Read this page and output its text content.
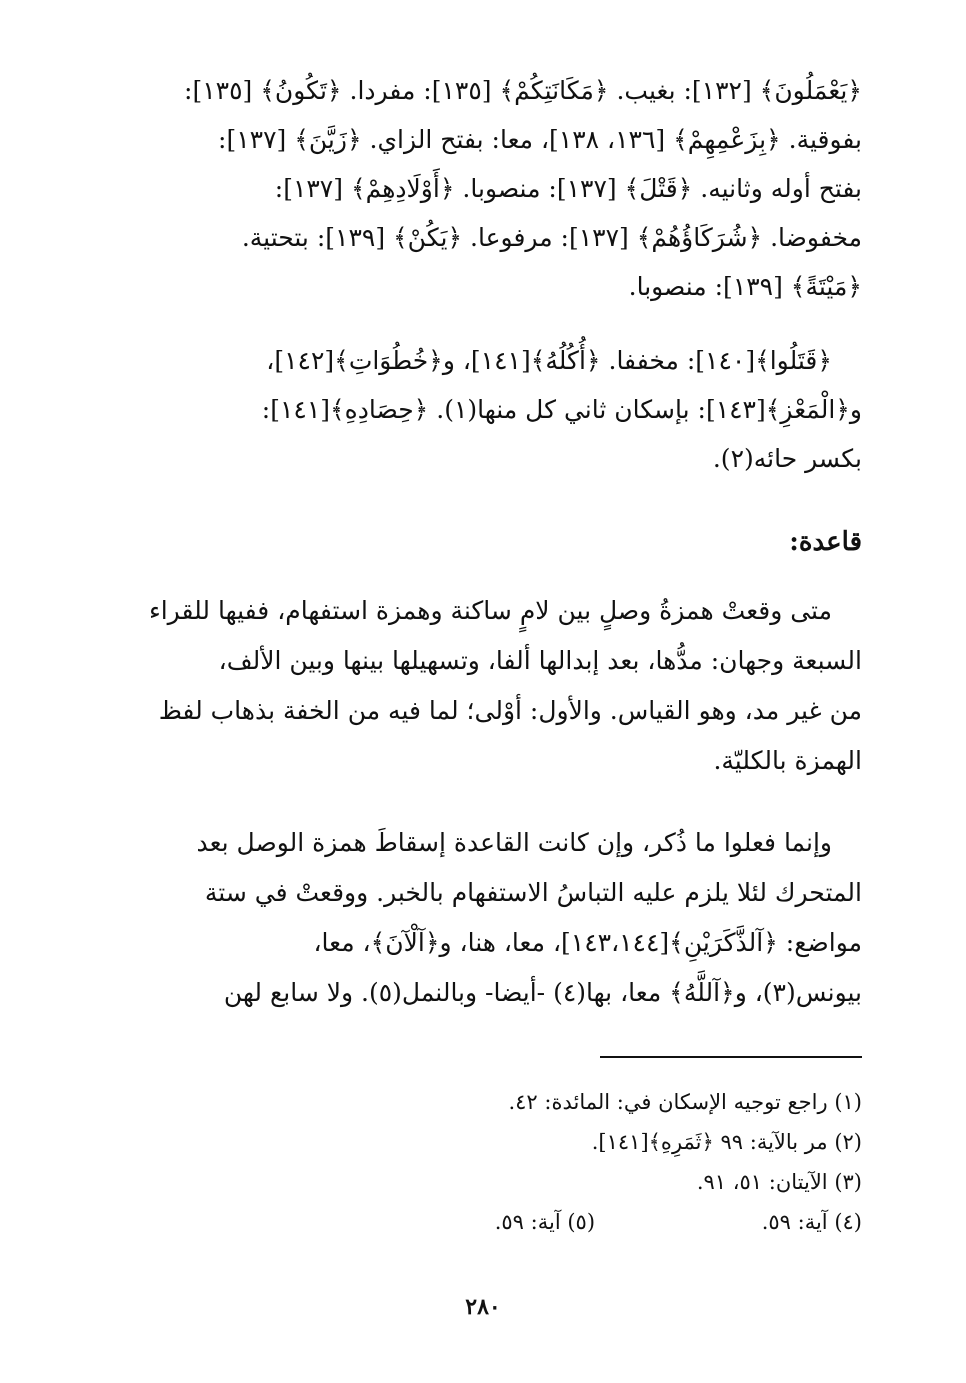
﴿يَعْمَلُونَ﴾ [١٣٢]: بغيب. ﴿مَكَانَتِكُمْ﴾ [١٣٥]: مفردا. ﴿تَكُونُ﴾ [١٣٥]:
بفوقية. ﴿بِزَعْمِهِمْ﴾ [١٣٦، ١٣٨]، معا: بفتح الزاي. ﴿زَيَّنَ﴾ [١٣٧]:
بفتح أوله وثانيه. ﴿قَتْلَ﴾ [١٣٧]: منصوبا. ﴿أَوْلَادِهِمْ﴾ [١٣٧]:
مخفوضا. ﴿شُرَكَاؤُهُمْ﴾ [١٣٧]: مرفوعا. ﴿يَكُنْ﴾ [١٣٩]: بتحتية.
﴿مَيْتَةً﴾ [١٣٩]: منصوبا.
﴿قَتَلُوا﴾[١٤٠]: مخففا. ﴿أُكُلُهُ﴾[١٤١]، و﴿خُطُوَاتِ﴾[١٤٢]،
و﴿الْمَعْزِ﴾[١٤٣]: بإسكان ثاني كل منها(١). ﴿حِصَادِهِ﴾[١٤١]:
بكسر حائه(٢).
قاعدة:
متى وقعتْ همزةُ وصلٍ بين لامٍ ساكنة وهمزة استفهام، ففيها للقراء
السبعة وجهان: مدُّها، بعد إبدالها ألفا، وتسهيلها بينها وبين الألف،
من غير مد، وهو القياس. والأول: أوْلى؛ لما فيه من الخفة بذهاب لفظ
الهمزة بالكليّة.
وإنما فعلوا ما ذُكر، وإن كانت القاعدة إسقاطَ همزة الوصل بعد
المتحرك لئلا يلزم عليه التباسُ الاستفهام بالخبر. ووقعتْ في ستة
مواضع: ﴿آلذَّكَرَيْنِ﴾[١٤٣،١٤٤]، معا، هنا، و﴿آلْآنَ﴾، معا،
بيونس(٣)، و﴿آللَّهُ﴾ معا، بها(٤) -أيضا- وبالنمل(٥). ولا سابع لهن
(١) راجع توجيه الإسكان في: المائدة: ٤٢.
(٢) مر بالآية: ٩٩ ﴿ثَمَرِهِ﴾[١٤١].
(٣) الآيتان: ٥١، ٩١.
(٤) آية: ٥٩. (٥) آية: ٥٩.
٢٨٠
